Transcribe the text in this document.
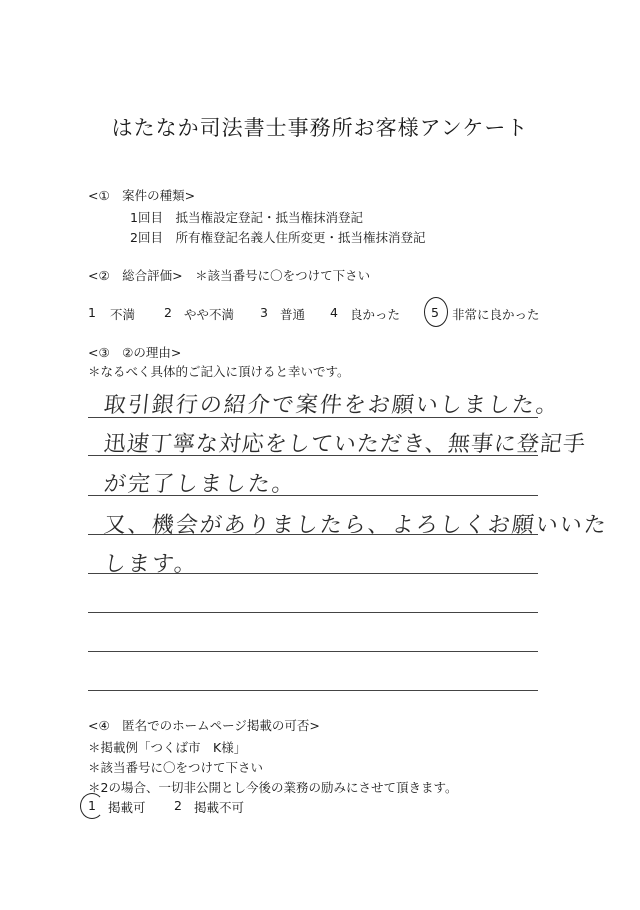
はたなか司法書士事務所お客様アンケート
<①　案件の種類>
1回目　抵当権設定登記・抵当権抹消登記
2回目　所有権登記名義人住所変更・抵当権抹消登記
<②　総合評価>　＊該当番号に〇をつけて下さい
1 不満 2 やや不満 3 普通 4 良かった 5 非常に良かった
<③　②の理由>
＊なるべく具体的ご記入に頂けると幸いです。
取引銀行の紹介で案件をお願いしました。
迅速丁寧な対応をしていただき、無事に登記手
が完了しました。
又、機会がありましたら、よろしくお願いいた
します。
<④　匿名でのホームページ掲載の可否>
＊掲載例「つくば市　K様」
＊該当番号に〇をつけて下さい
＊2の場合、一切非公開とし今後の業務の励みにさせて頂きます。
1 掲載可 2 掲載不可
